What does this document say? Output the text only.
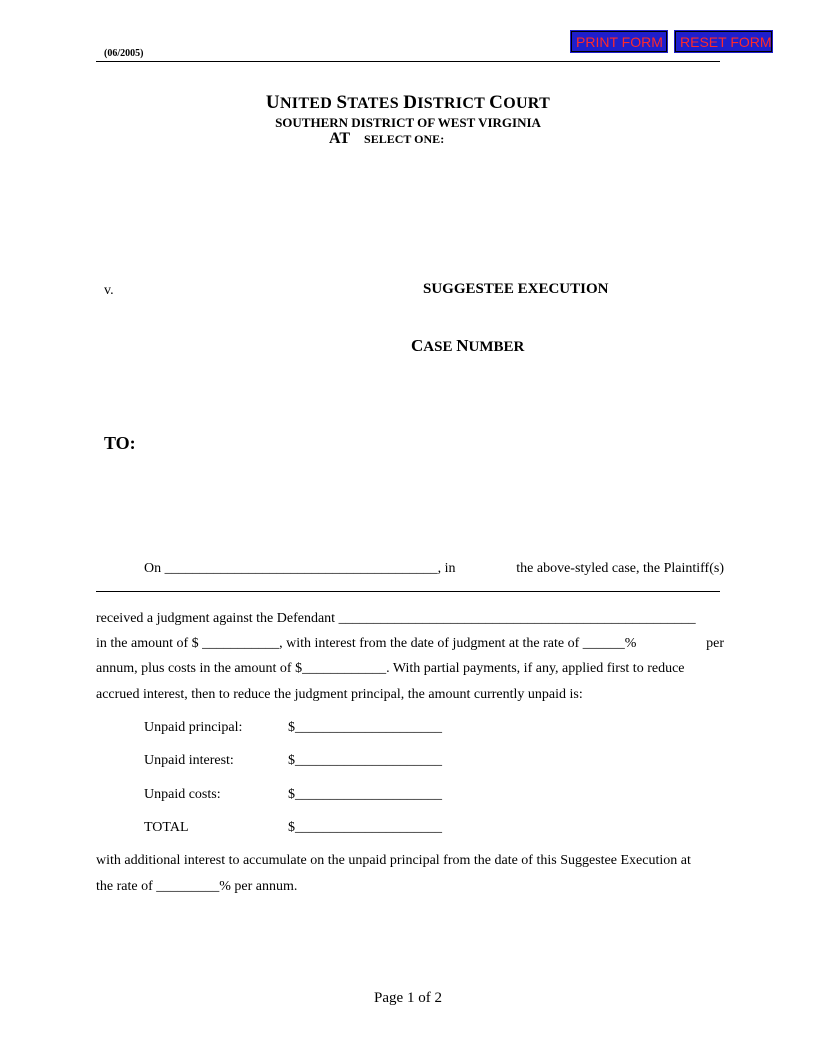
(06/2005)
PRINT FORM	RESET FORM
UNITED STATES DISTRICT COURT
SOUTHERN DISTRICT OF WEST VIRGINIA
AT SELECT ONE:
v.	SUGGESTEE EXECUTION
CASE NUMBER
TO:
On _______________________________________, in	the above-styled case, the Plaintiff(s)
received a judgment against the Defendant ___________________________________________________
in the amount of $ ___________, with interest from the date of judgment at the rate of ______%	per
annum, plus costs in the amount of $____________. With partial payments, if any, applied first to reduce
accrued interest, then to reduce the judgment principal, the amount currently unpaid is:
Unpaid principal:	$_____________________
Unpaid interest:	$_____________________
Unpaid costs:	$_____________________
TOTAL	$_____________________
with additional interest to accumulate on the unpaid principal from the date of this Suggestee Execution at
the rate of _________% per annum.
Page 1 of 2
